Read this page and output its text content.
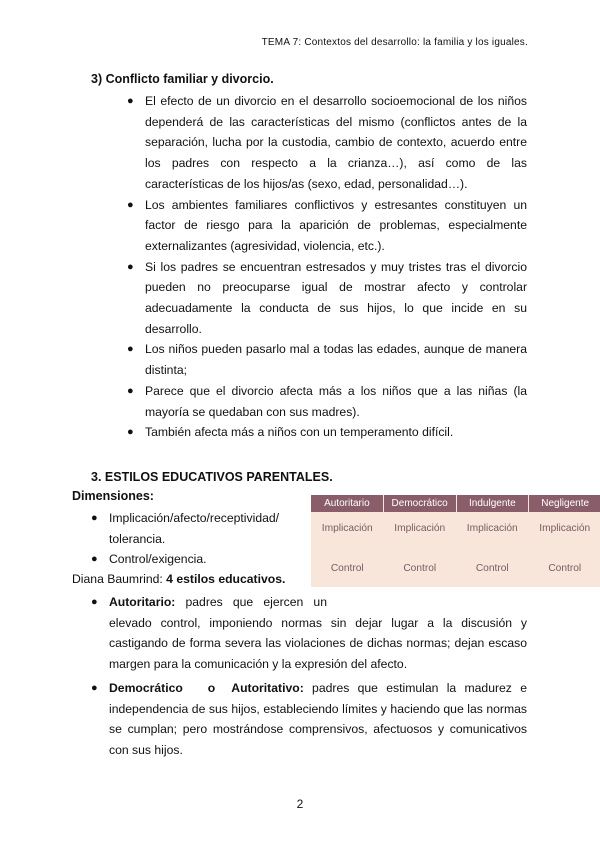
TEMA 7: Contextos del desarrollo: la familia y los iguales.
3) Conflicto familiar y divorcio.
● El efecto de un divorcio en el desarrollo socioemocional de los niños dependerá de las características del mismo (conflictos antes de la separación, lucha por la custodia, cambio de contexto, acuerdo entre los padres con respecto a la crianza…), así como de las características de los hijos/as (sexo, edad, personalidad…).
● Los ambientes familiares conflictivos y estresantes constituyen un factor de riesgo para la aparición de problemas, especialmente externalizantes (agresividad, violencia, etc.).
● Si los padres se encuentran estresados y muy tristes tras el divorcio pueden no preocuparse igual de mostrar afecto y controlar adecuadamente la conducta de sus hijos, lo que incide en su desarrollo.
● Los niños pueden pasarlo mal a todas las edades, aunque de manera distinta;
● Parece que el divorcio afecta más a los niños que a las niñas (la mayoría se quedaban con sus madres).
● También afecta más a niños con un temperamento difícil.
3. ESTILOS EDUCATIVOS PARENTALES.
Dimensiones:
● Implicación/afecto/receptividad/ tolerancia.
● Control/exigencia.
Diana Baumrind: 4 estilos educativos.
Autoritario	Democrático	Indulgente	Negligente
Implicación	Implicación	Implicación	Implicación
Control	Control	Control	Control
● Autoritario: padres que ejercen un elevado control, imponiendo normas sin dejar lugar a la discusión y castigando de forma severa las violaciones de dichas normas; dejan escaso margen para la comunicación y la expresión del afecto.
● Democrático   o  Autoritativo: padres que estimulan la madurez e independencia de sus hijos, estableciendo límites y haciendo que las normas se cumplan; pero mostrándose comprensivos, afectuosos y comunicativos con sus hijos.
2
